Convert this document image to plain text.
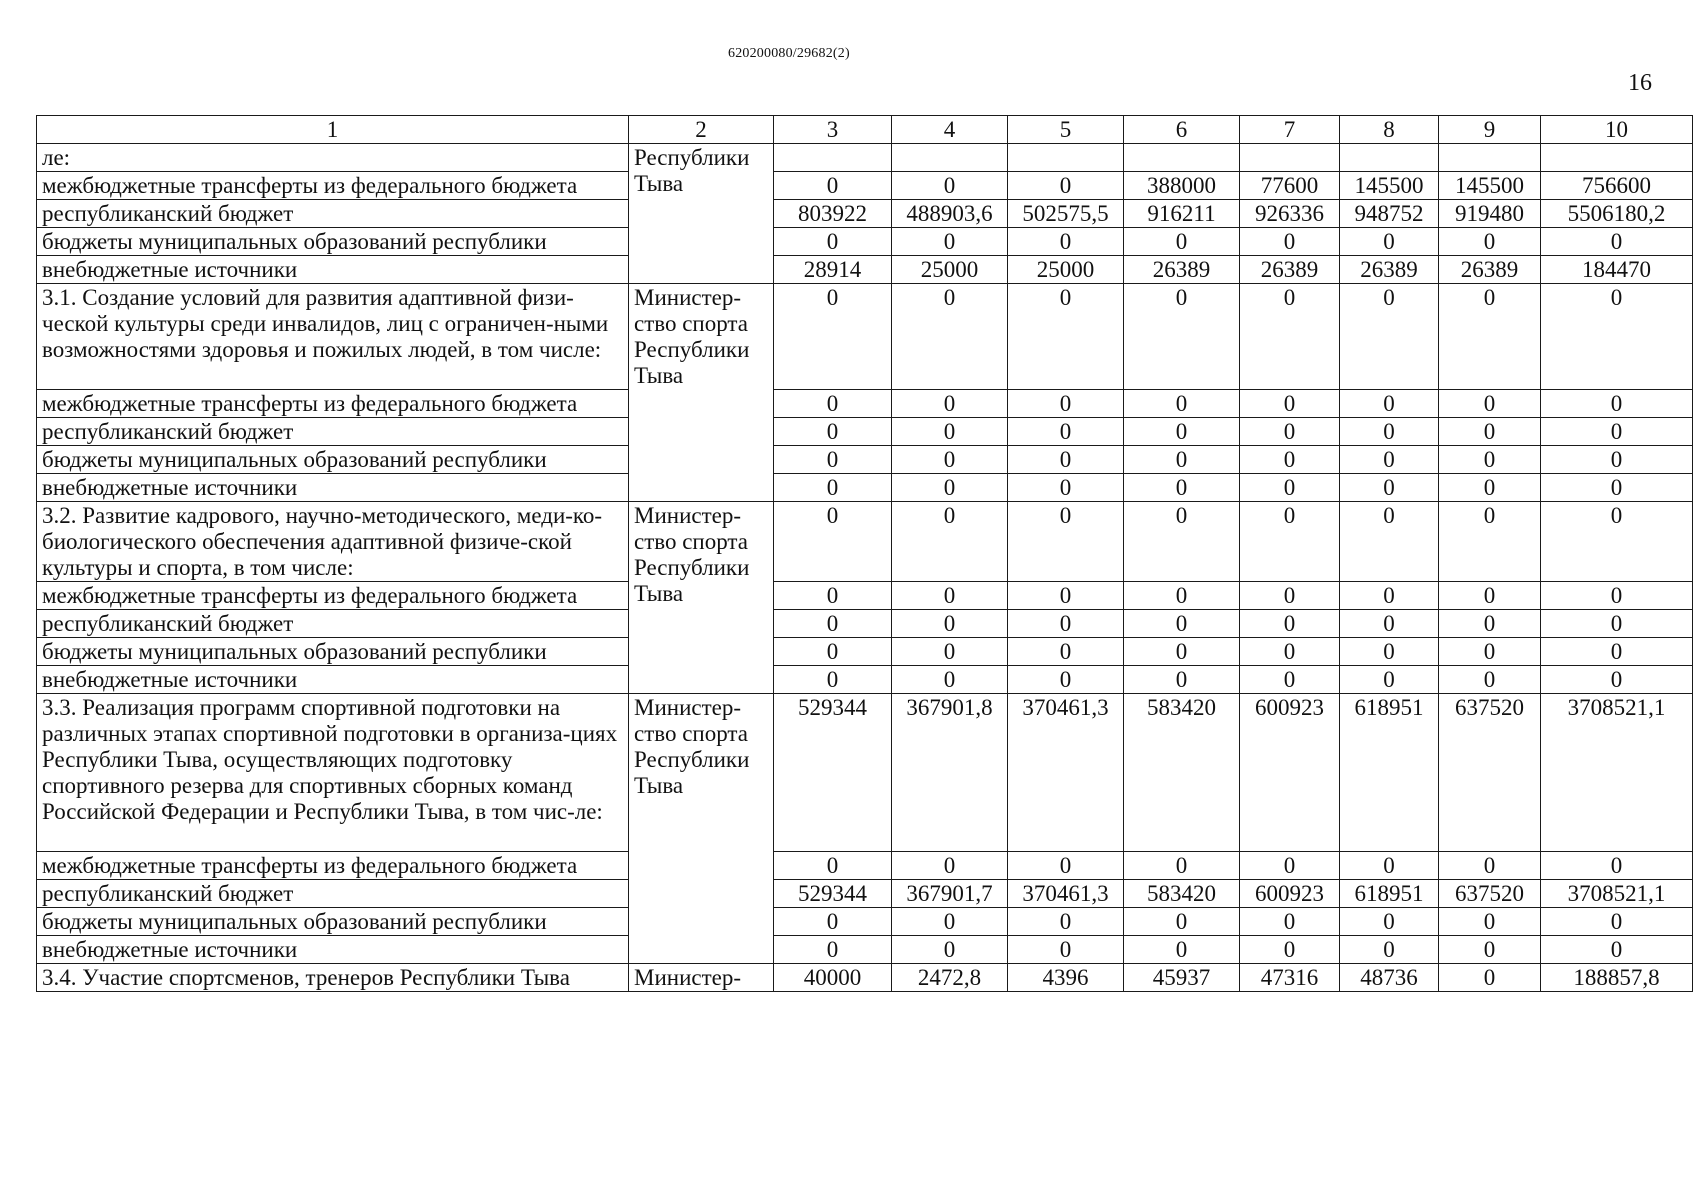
620200080/29682(2)
16
1	2	3	4	5	6	7	8	9	10
ле:	Республики Тыва								
межбюджетные трансферты из федерального бюджета		0	0	0	388000	77600	145500	145500	756600
республиканский бюджет		803922	488903,6	502575,5	916211	926336	948752	919480	5506180,2
бюджеты муниципальных образований республики		0	0	0	0	0	0	0	0
внебюджетные источники		28914	25000	25000	26389	26389	26389	26389	184470
3.1. Создание условий для развития адаптивной физи-ческой культуры среди инвалидов, лиц с ограничен-ными возможностями здоровья и пожилых людей, в том числе:	Министер-ство спорта Республики Тыва	0	0	0	0	0	0	0	0
межбюджетные трансферты из федерального бюджета		0	0	0	0	0	0	0	0
республиканский бюджет		0	0	0	0	0	0	0	0
бюджеты муниципальных образований республики		0	0	0	0	0	0	0	0
внебюджетные источники		0	0	0	0	0	0	0	0
3.2. Развитие кадрового, научно-методического, меди-ко-биологического обеспечения адаптивной физиче-ской культуры и спорта, в том числе:	Министер-ство спорта Республики Тыва	0	0	0	0	0	0	0	0
межбюджетные трансферты из федерального бюджета		0	0	0	0	0	0	0	0
республиканский бюджет		0	0	0	0	0	0	0	0
бюджеты муниципальных образований республики		0	0	0	0	0	0	0	0
внебюджетные источники		0	0	0	0	0	0	0	0
3.3. Реализация программ спортивной подготовки на различных этапах спортивной подготовки в организа-циях Республики Тыва, осуществляющих подготовку спортивного резерва для спортивных сборных команд Российской Федерации и Республики Тыва, в том чис-ле:	Министер-ство спорта Республики Тыва	529344	367901,8	370461,3	583420	600923	618951	637520	3708521,1
межбюджетные трансферты из федерального бюджета		0	0	0	0	0	0	0	0
республиканский бюджет		529344	367901,7	370461,3	583420	600923	618951	637520	3708521,1
бюджеты муниципальных образований республики		0	0	0	0	0	0	0	0
внебюджетные источники		0	0	0	0	0	0	0	0
3.4. Участие спортсменов, тренеров Республики Тыва	Министер-	40000	2472,8	4396	45937	47316	48736	0	188857,8
